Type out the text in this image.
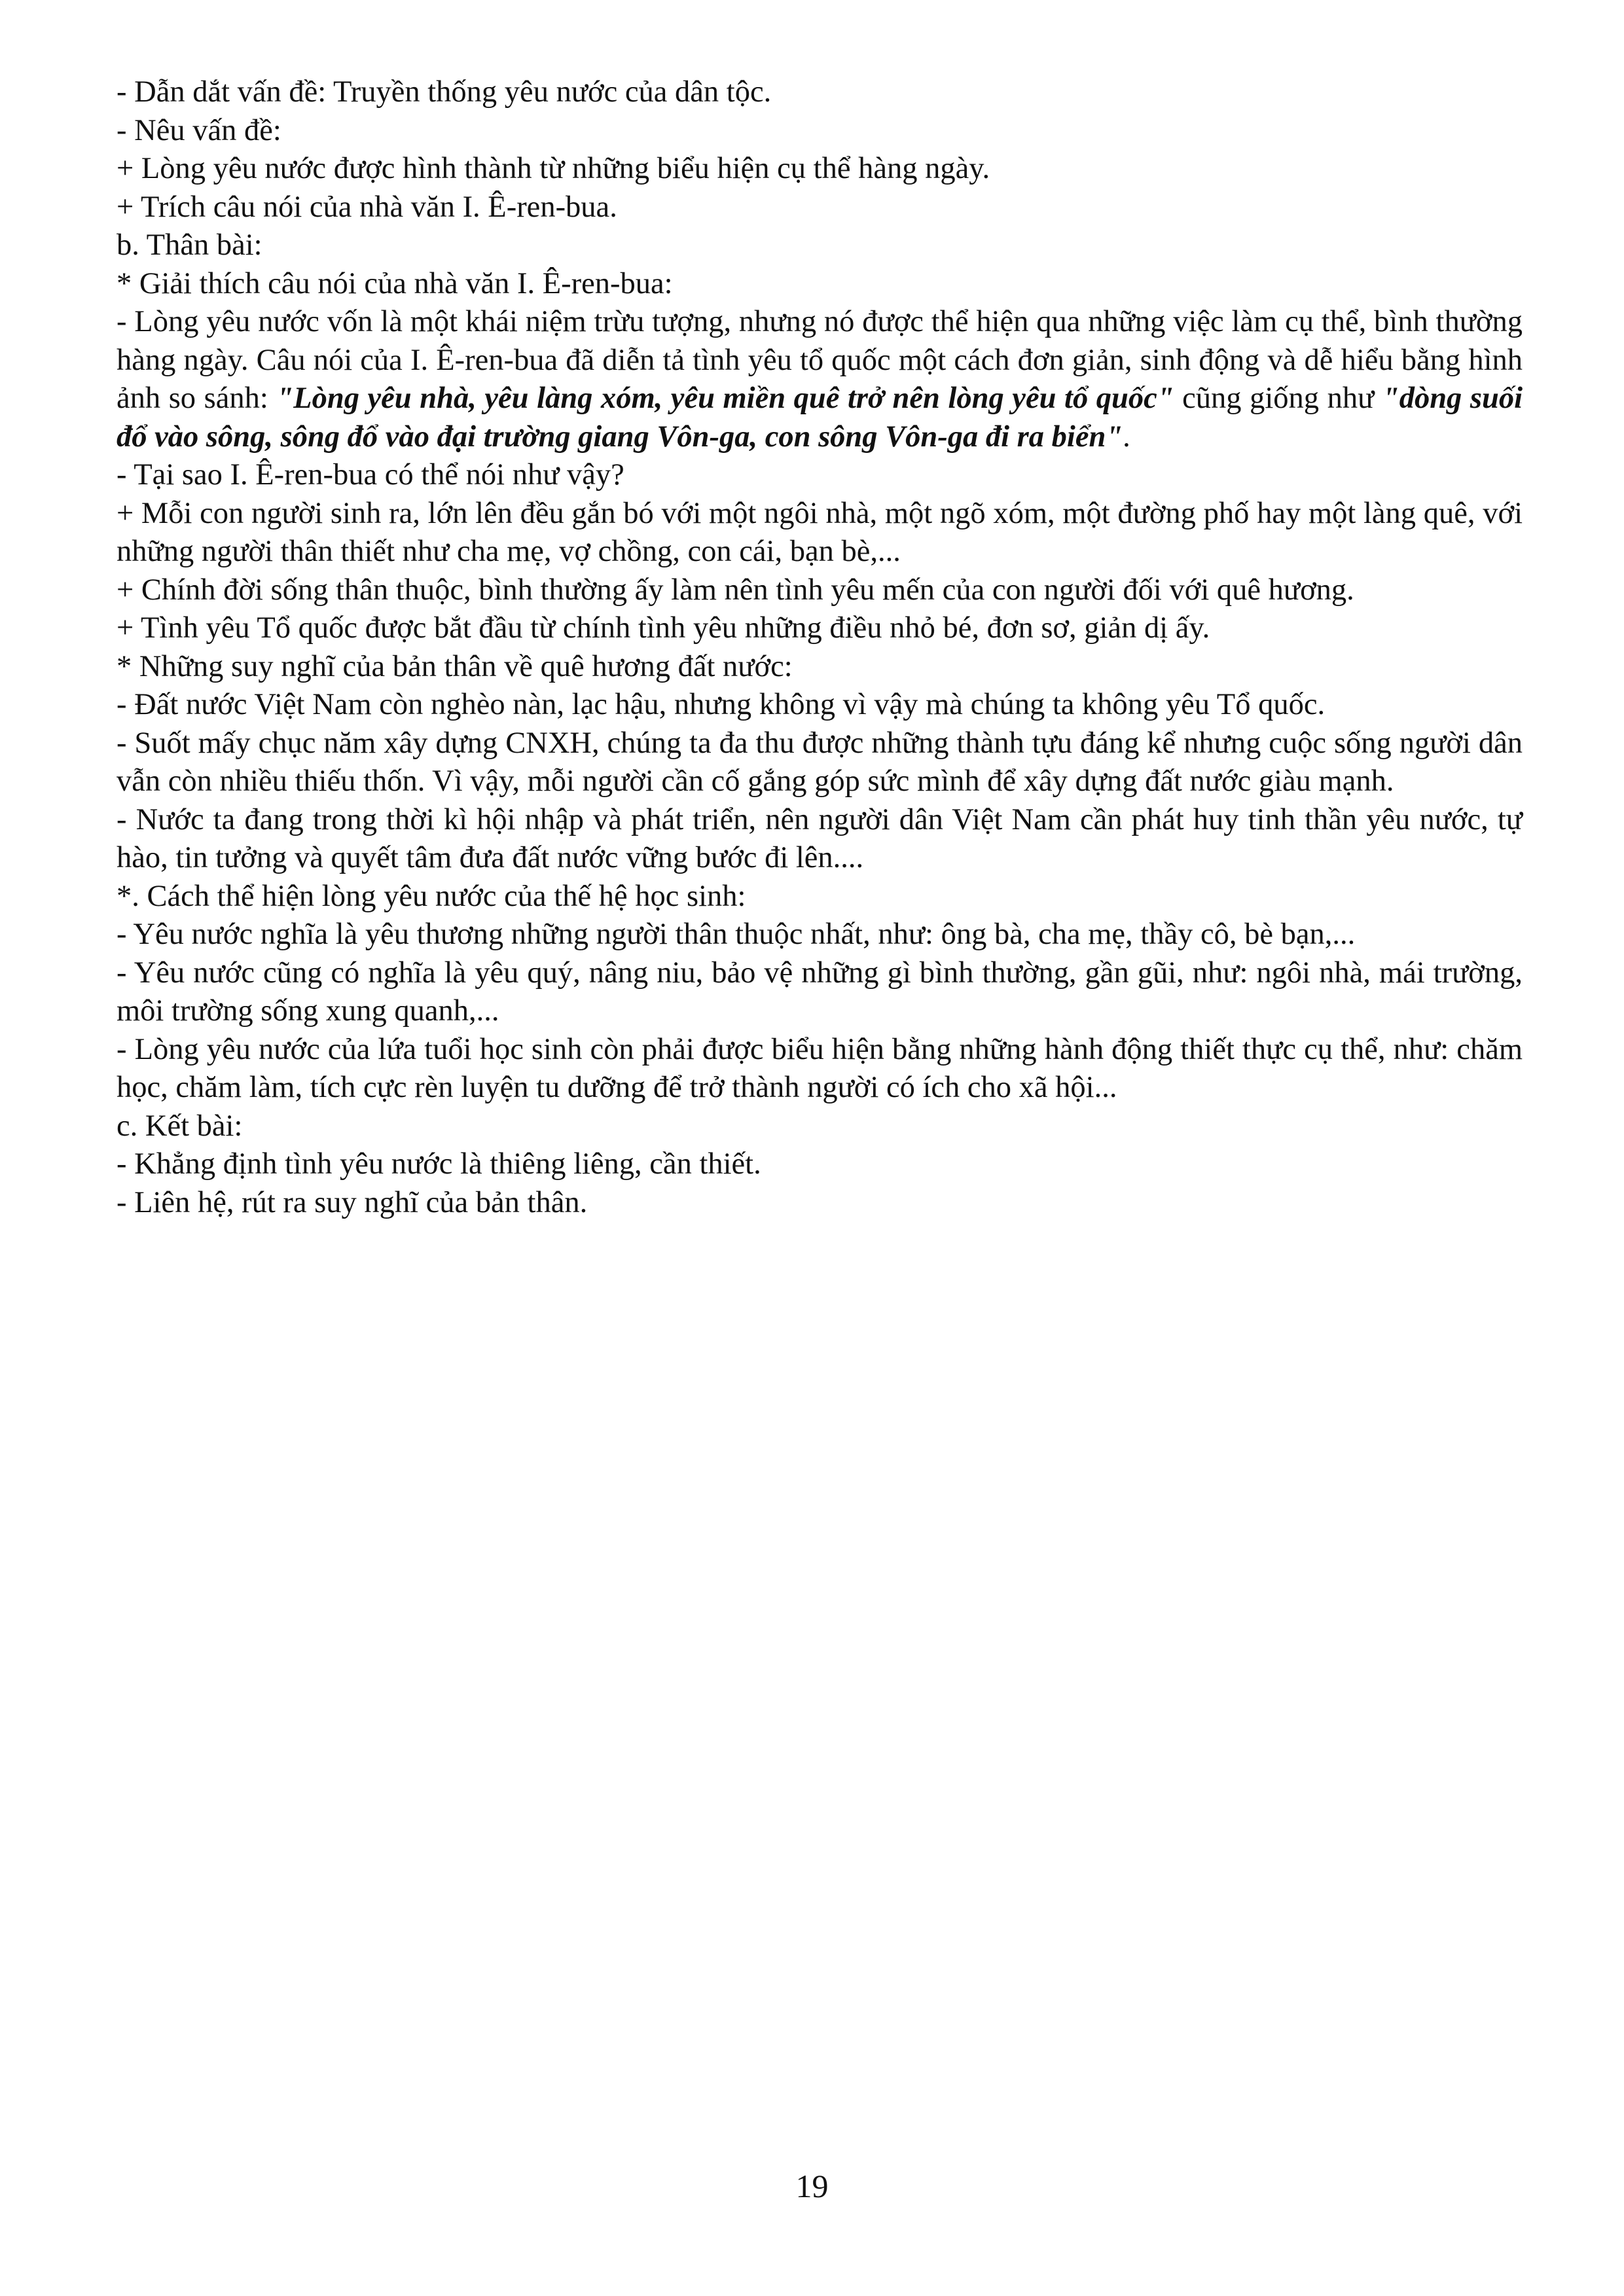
- Dẫn dắt vấn đề: Truyền thống yêu nước của dân tộc.
- Nêu vấn đề:
+ Lòng yêu nước được hình thành từ những biểu hiện cụ thể hàng ngày.
+ Trích câu nói của nhà văn I. Ê-ren-bua.
b. Thân bài:
* Giải thích câu nói của nhà văn I. Ê-ren-bua:
- Lòng yêu nước vốn là một khái niệm trừu tượng, nhưng nó được thể hiện qua những việc làm cụ thể, bình thường hàng ngày. Câu nói của I. Ê-ren-bua đã diễn tả tình yêu tổ quốc một cách đơn giản, sinh động và dễ hiểu bằng hình ảnh so sánh: "Lòng yêu nhà, yêu làng xóm, yêu miền quê trở nên lòng yêu tổ quốc" cũng giống như "dòng suối đổ vào sông, sông đổ vào đại trường giang Vôn-ga, con sông Vôn-ga đi ra biển".
- Tại sao I. Ê-ren-bua có thể nói như vậy?
+ Mỗi con người sinh ra, lớn lên đều gắn bó với một ngôi nhà, một ngõ xóm, một đường phố hay một làng quê, với những người thân thiết như cha mẹ, vợ chồng, con cái, bạn bè,...
+ Chính đời sống thân thuộc, bình thường ấy làm nên tình yêu mến của con người đối với quê hương.
+ Tình yêu Tổ quốc được bắt đầu từ chính tình yêu những điều nhỏ bé, đơn sơ, giản dị ấy.
* Những suy nghĩ của bản thân về quê hương đất nước:
- Đất nước Việt Nam còn nghèo nàn, lạc hậu, nhưng không vì vậy mà chúng ta không yêu Tổ quốc.
- Suốt mấy chục năm xây dựng CNXH, chúng ta đa thu được những thành tựu đáng kể nhưng cuộc sống người dân vẫn còn nhiều thiếu thốn. Vì vậy, mỗi người cần cố gắng góp sức mình để xây dựng đất nước giàu mạnh.
- Nước ta đang trong thời kì hội nhập và phát triển, nên người dân Việt Nam cần phát huy tinh thần yêu nước, tự hào, tin tưởng và quyết tâm đưa đất nước vững bước đi lên....
*. Cách thể hiện lòng yêu nước của thế hệ học sinh:
- Yêu nước nghĩa là yêu thương những người thân thuộc nhất, như: ông bà, cha mẹ, thầy cô, bè bạn,...
- Yêu nước cũng có nghĩa là yêu quý, nâng niu, bảo vệ những gì bình thường, gần gũi, như: ngôi nhà, mái trường, môi trường sống xung quanh,...
- Lòng yêu nước của lứa tuổi học sinh còn phải được biểu hiện bằng những hành động thiết thực cụ thể, như: chăm học, chăm làm, tích cực rèn luyện tu dưỡng để trở thành người có ích cho xã hội...
c. Kết bài:
- Khẳng định tình yêu nước là thiêng liêng, cần thiết.
- Liên hệ, rút ra suy nghĩ của bản thân.
19
